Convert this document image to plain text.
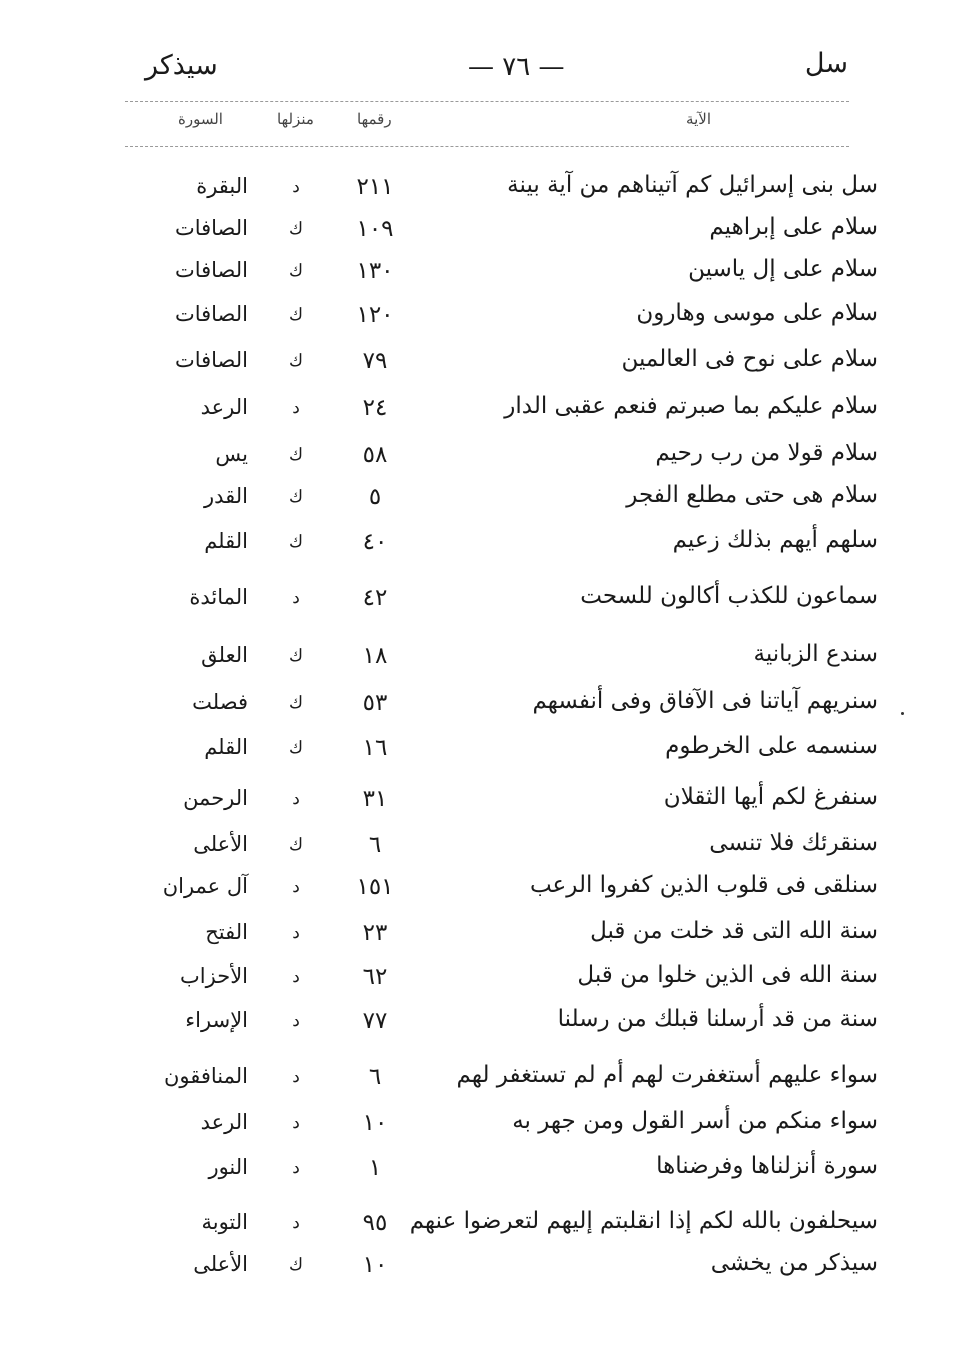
سل
— ٧٦ —
سيذكر
الآية
رقمها
منزلها
السورة
سل بنى إسرائيل كم آتيناهم من آية بينة
٢١١
د
البقرة
سلام على إبراهيم
١٠٩
ك
الصافات
سلام على إل ياسين
١٣٠
ك
الصافات
سلام على موسى وهارون
١٢٠
ك
الصافات
سلام على نوح فى العالمين
٧٩
ك
الصافات
سلام عليكم بما صبرتم فنعم عقبى الدار
٢٤
د
الرعد
سلام قولا من رب رحيم
٥٨
ك
يس
سلام هى حتى مطلع الفجر
٥
ك
القدر
سلهم أيهم بذلك زعيم
٤٠
ك
القلم
سماعون للكذب أكالون للسحت
٤٢
د
المائدة
سندع الزبانية
١٨
ك
العلق
سنريهم آياتنا فى الآفاق وفى أنفسهم
٥٣
ك
فصلت
سنسمه على الخرطوم
١٦
ك
القلم
سنفرغ لكم أيها الثقلان
٣١
د
الرحمن
سنقرئك فلا تنسى
٦
ك
الأعلى
سنلقى فى قلوب الذين كفروا الرعب
١٥١
د
آل عمران
سنة الله التى قد خلت من قبل
٢٣
د
الفتح
سنة الله فى الذين خلوا من قبل
٦٢
د
الأحزاب
سنة من قد أرسلنا قبلك من رسلنا
٧٧
د
الإسراء
سواء عليهم أستغفرت لهم أم لم تستغفر لهم
٦
د
المنافقون
سواء منكم من أسر القول ومن جهر به
١٠
د
الرعد
سورة أنزلناها وفرضناها
١
د
النور
سيحلفون بالله لكم إذا انقلبتم إليهم لتعرضوا عنهم
٩٥
د
التوبة
سيذكر من يخشى
١٠
ك
الأعلى
